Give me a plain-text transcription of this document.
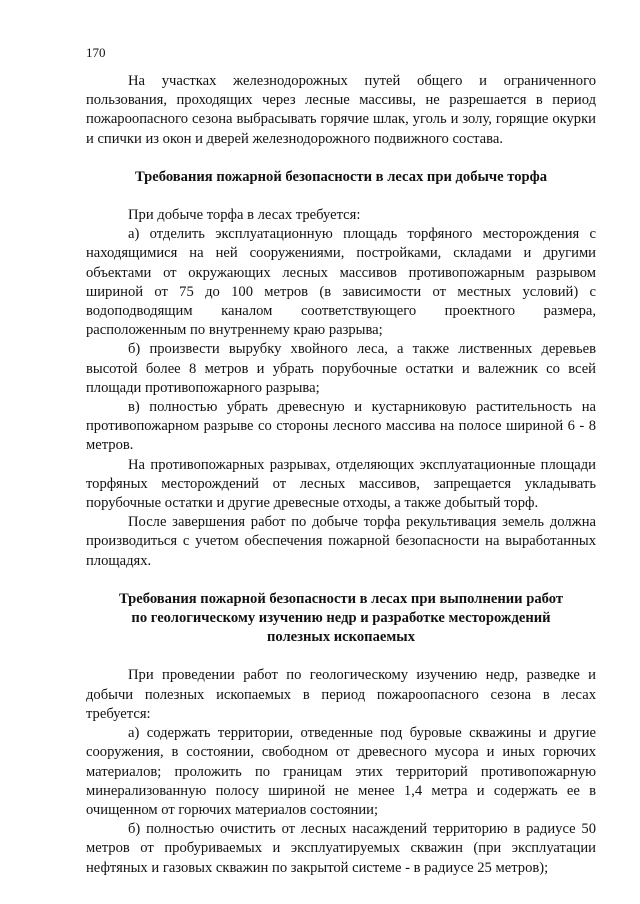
170

На участках железнодорожных путей общего и ограниченного пользования, проходящих через лесные массивы, не разрешается в период пожароопасного сезона выбрасывать горячие шлак, уголь и золу, горящие окурки и спички из окон и дверей железнодорожного подвижного состава.

Требования пожарной безопасности в лесах при добыче торфа

При добыче торфа в лесах требуется:

а) отделить эксплуатационную площадь торфяного месторождения с находящимися на ней сооружениями, постройками, складами и другими объектами от окружающих лесных массивов противопожарным разрывом шириной от 75 до 100 метров (в зависимости от местных условий) с водоподводящим каналом соответствующего проектного размера, расположенным по внутреннему краю разрыва;

б) произвести вырубку хвойного леса, а также лиственных деревьев высотой более 8 метров и убрать порубочные остатки и валежник со всей площади противопожарного разрыва;

в) полностью убрать древесную и кустарниковую растительность на противопожарном разрыве со стороны лесного массива на полосе шириной 6 - 8 метров.

На противопожарных разрывах, отделяющих эксплуатационные площади торфяных месторождений от лесных массивов, запрещается укладывать порубочные остатки и другие древесные отходы, а также добытый торф.

После завершения работ по добыче торфа рекультивация земель должна производиться с учетом обеспечения пожарной безопасности на выработанных площадях.

Требования пожарной безопасности в лесах при выполнении работ
по геологическому изучению недр и разработке месторождений
полезных ископаемых

При проведении работ по геологическому изучению недр, разведке и добычи полезных ископаемых в период пожароопасного сезона в лесах требуется:

а) содержать территории, отведенные под буровые скважины и другие сооружения, в состоянии, свободном от древесного мусора и иных горючих материалов; проложить по границам этих территорий противопожарную минерализованную полосу шириной не менее 1,4 метра и содержать ее в очищенном от горючих материалов состоянии;

б) полностью очистить от лесных насаждений территорию в радиусе 50 метров от пробуриваемых и эксплуатируемых скважин (при эксплуатации нефтяных и газовых скважин по закрытой системе - в радиусе 25 метров);
